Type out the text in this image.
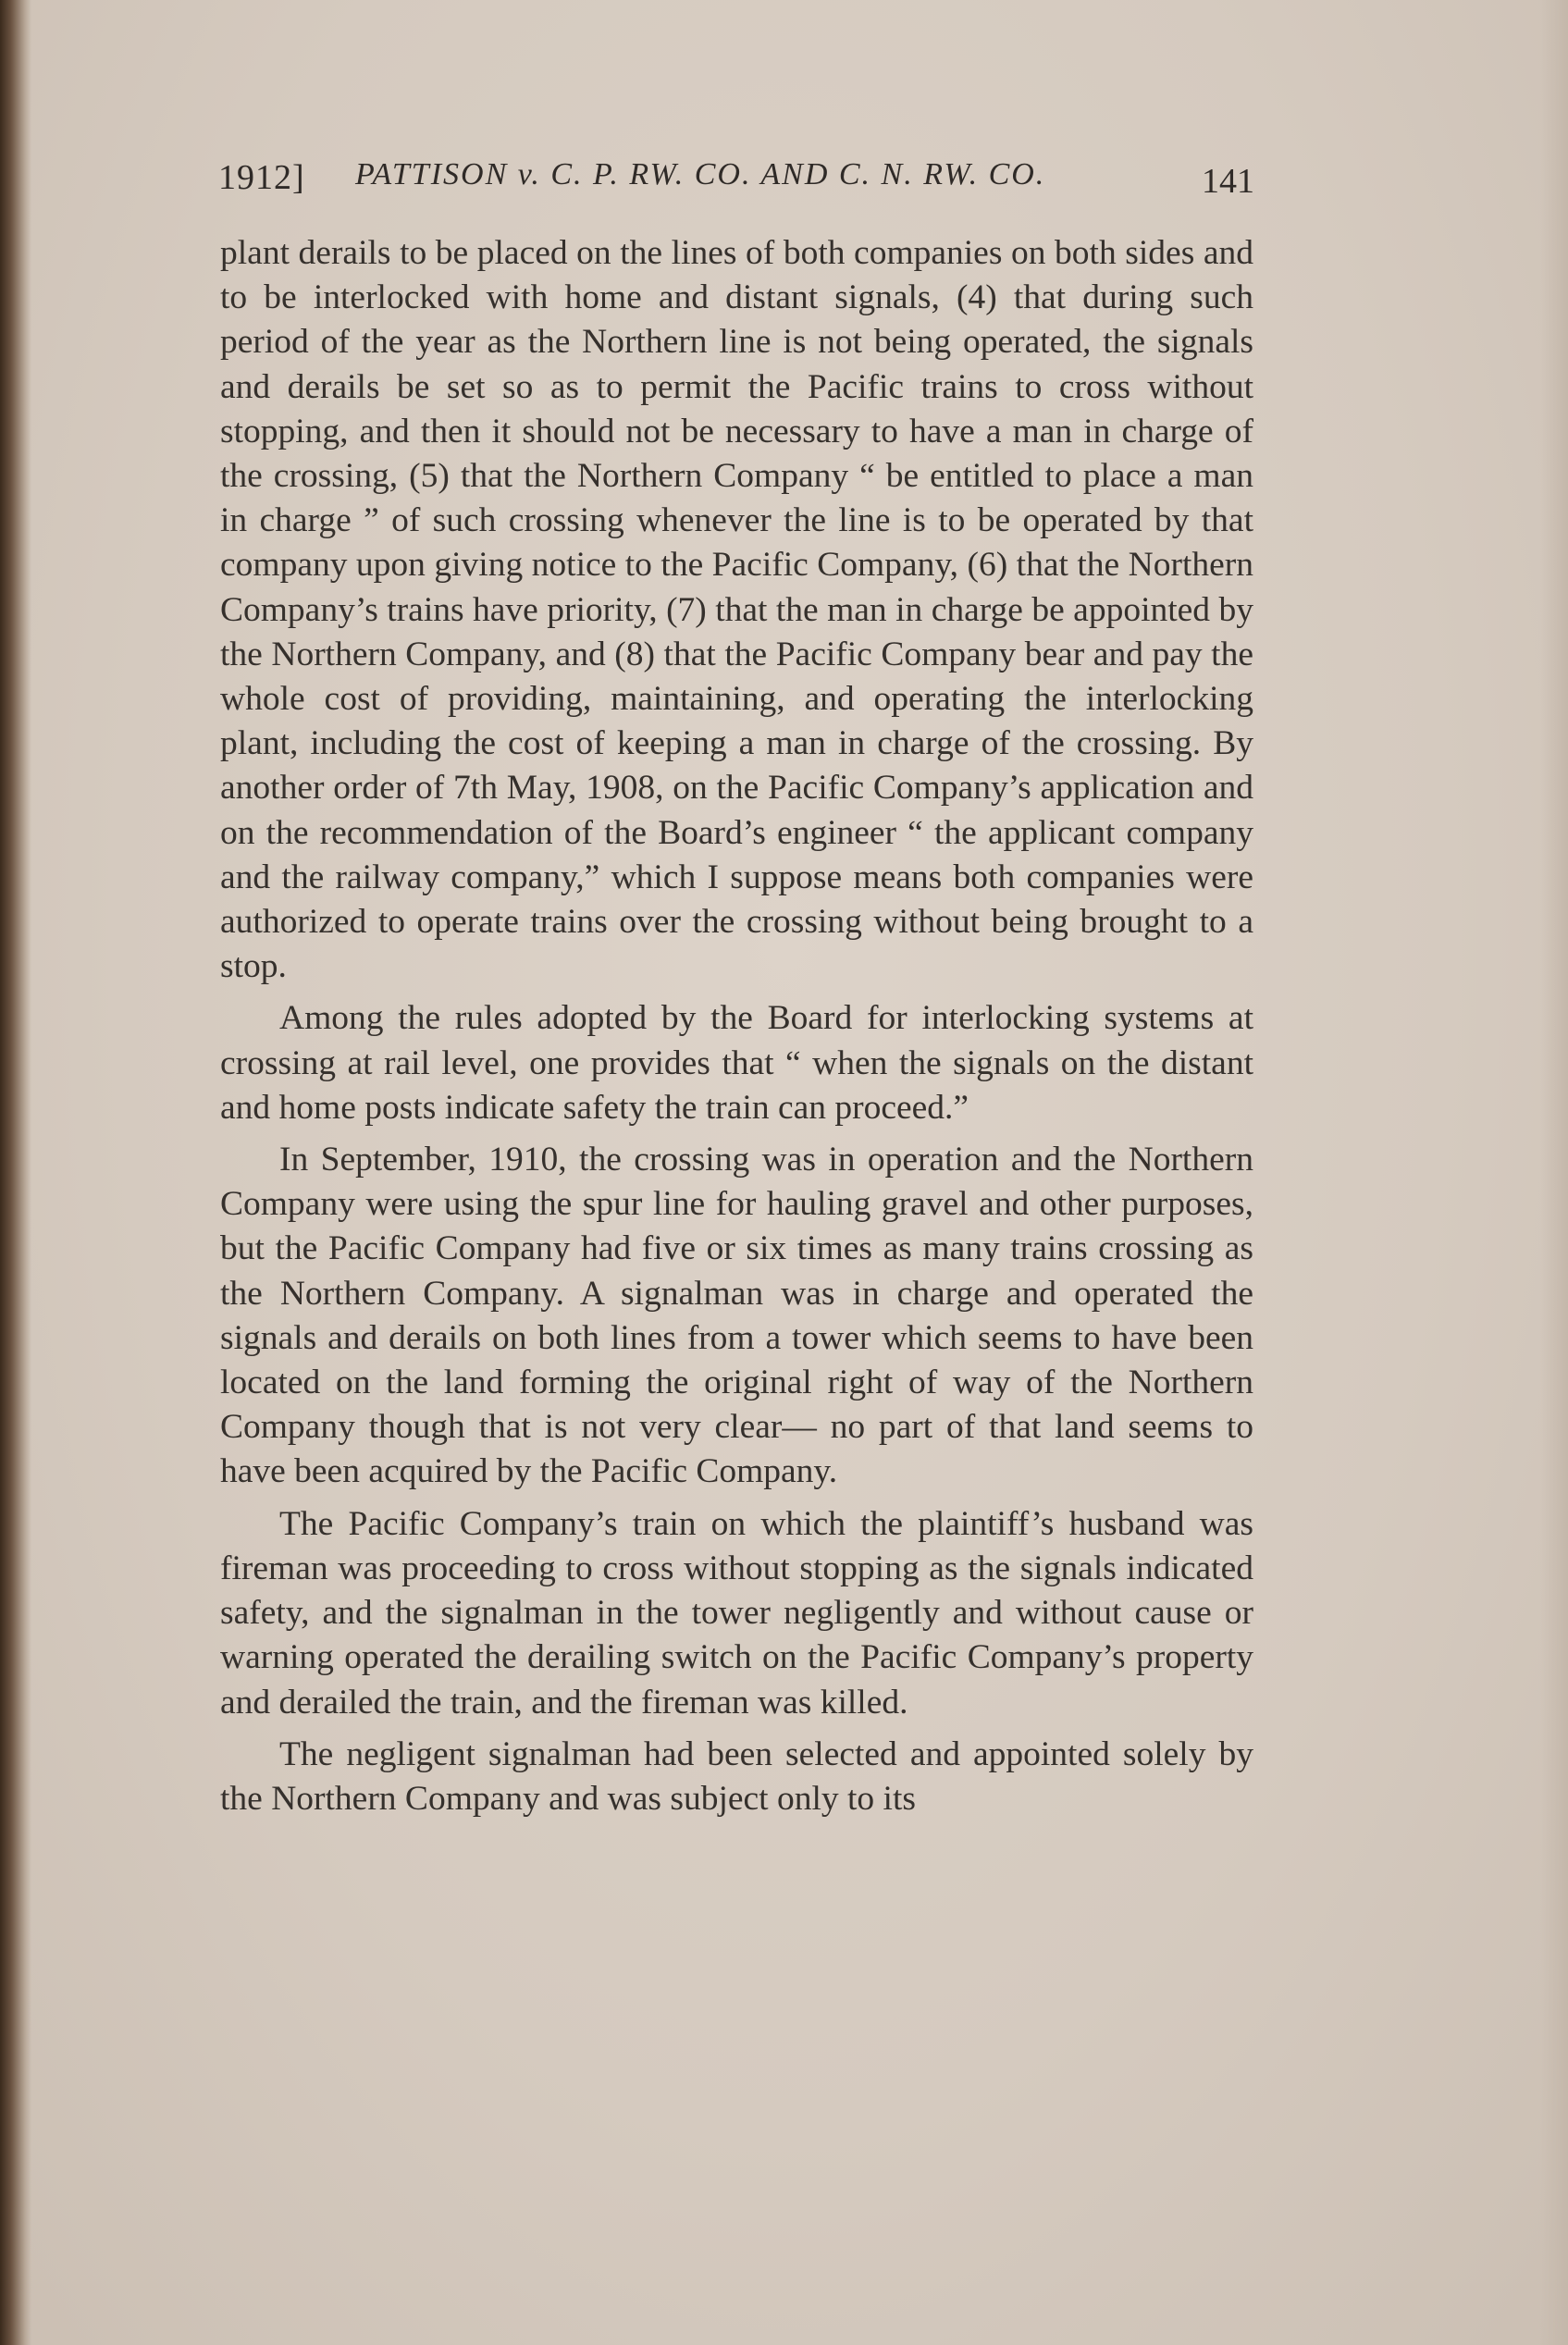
1912] PATTISON v. C. P. RW. CO. AND C. N. RW. CO.	141

plant derails to be placed on the lines of both companies on both sides and to be interlocked with home and distant signals, (4) that during such period of the year as the Northern line is not being operated, the signals and derails be set so as to permit the Pacific trains to cross without stopping, and then it should not be necessary to have a man in charge of the crossing, (5) that the Northern Company “ be entitled to place a man in charge ” of such crossing whenever the line is to be operated by that company upon giving notice to the Pacific Company, (6) that the Northern Company’s trains have priority, (7) that the man in charge be appointed by the Northern Company, and (8) that the Pacific Company bear and pay the whole cost of providing, maintaining, and operating the interlocking plant, including the cost of keeping a man in charge of the crossing. By another order of 7th May, 1908, on the Pacific Company’s application and on the recommendation of the Board’s engineer “ the applicant company and the railway company,” which I suppose means both companies were authorized to operate trains over the crossing without being brought to a stop.

Among the rules adopted by the Board for interlocking systems at crossing at rail level, one provides that “ when the signals on the distant and home posts indicate safety the train can proceed.”

In September, 1910, the crossing was in operation and the Northern Company were using the spur line for hauling gravel and other purposes, but the Pacific Company had five or six times as many trains crossing as the Northern Company. A signalman was in charge and operated the signals and derails on both lines from a tower which seems to have been located on the land forming the original right of way of the Northern Company though that is not very clear— no part of that land seems to have been acquired by the Pacific Company.

The Pacific Company’s train on which the plaintiff’s husband was fireman was proceeding to cross without stopping as the signals indicated safety, and the signalman in the tower negligently and without cause or warning operated the derailing switch on the Pacific Company’s property and derailed the train, and the fireman was killed.

The negligent signalman had been selected and appointed solely by the Northern Company and was subject only to its
